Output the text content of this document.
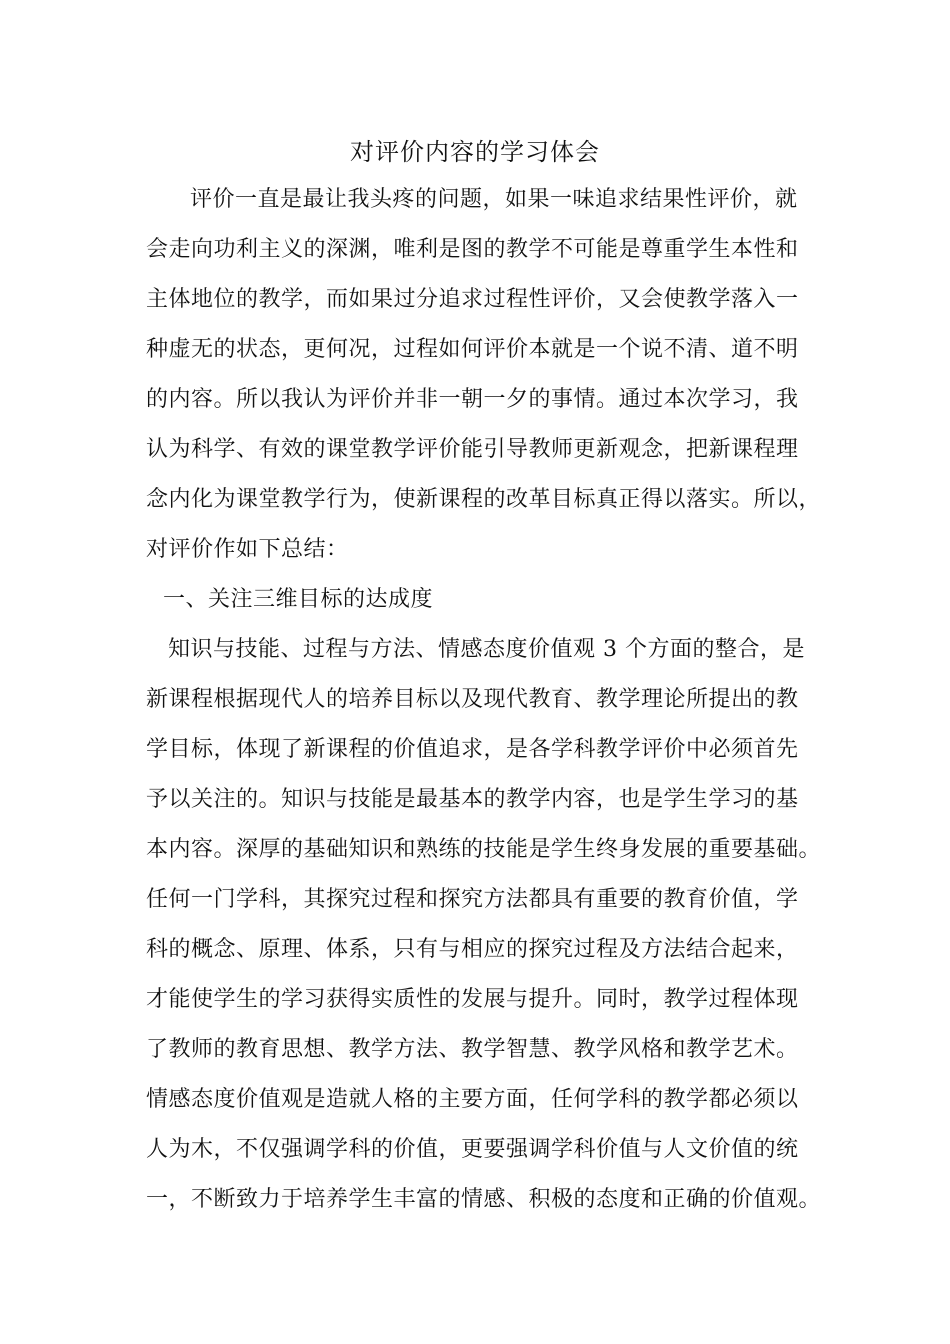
对评价内容的学习体会
评价一直是最让我头疼的问题，如果一味追求结果性评价，就
会走向功利主义的深渊，唯利是图的教学不可能是尊重学生本性和
主体地位的教学，而如果过分追求过程性评价，又会使教学落入一
种虚无的状态，更何况，过程如何评价本就是一个说不清、道不明
的内容。所以我认为评价并非一朝一夕的事情。通过本次学习，我
认为科学、有效的课堂教学评价能引导教师更新观念，把新课程理
念内化为课堂教学行为，使新课程的改革目标真正得以落实。所以，
对评价作如下总结：
一、关注三维目标的达成度
知识与技能、过程与方法、情感态度价值观 3 个方面的整合，是
新课程根据现代人的培养目标以及现代教育、教学理论所提出的教
学目标，体现了新课程的价值追求，是各学科教学评价中必须首先
予以关注的。知识与技能是最基本的教学内容，也是学生学习的基
本内容。深厚的基础知识和熟练的技能是学生终身发展的重要基础。
任何一门学科，其探究过程和探究方法都具有重要的教育价值，学
科的概念、原理、体系，只有与相应的探究过程及方法结合起来，
才能使学生的学习获得实质性的发展与提升。同时，教学过程体现
了教师的教育思想、教学方法、教学智慧、教学风格和教学艺术。
情感态度价值观是造就人格的主要方面，任何学科的教学都必须以
人为木，不仅强调学科的价值，更要强调学科价值与人文价值的统
一，不断致力于培养学生丰富的情感、积极的态度和正确的价值观。
